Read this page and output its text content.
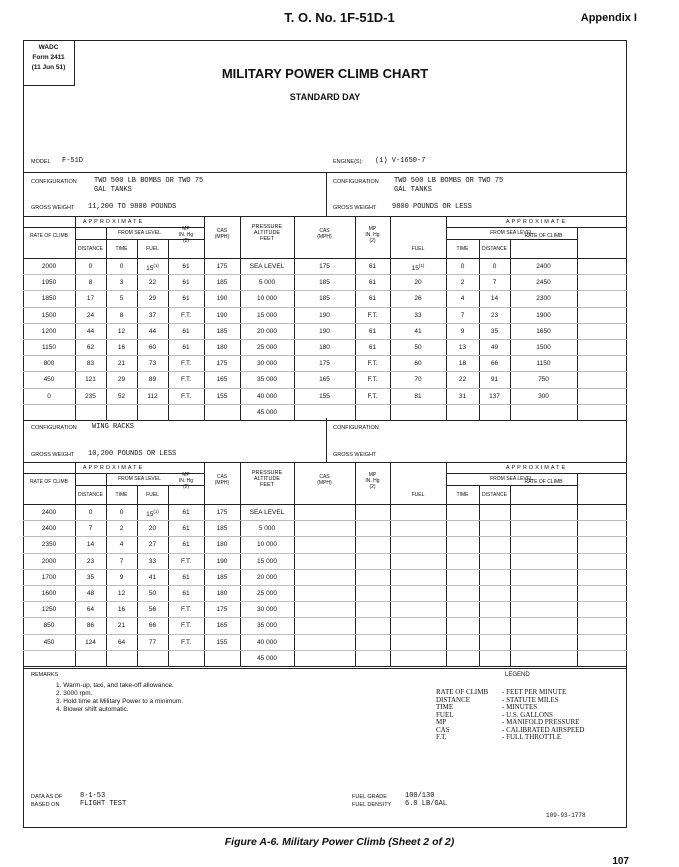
T. O. No. 1F-51D-1	Appendix I
WADC
Form 2411
(11 Jun 51)	MILITARY POWER CLIMB CHART
STANDARD DAY
MODEL F-51D	ENGINE(S): (1) V-1650-7
CONFIGURATION TWO 500 LB BOMBS OR TWO 75 GAL TANKS
GROSS WEIGHT 11,200 TO 9800 POUNDS
CONFIGURATION TWO 500 LB BOMBS OR TWO 75 GAL TANKS
GROSS WEIGHT 9800 POUNDS OR LESS
APPROXIMATE	APPROXIMATE
FROM SEA LEVEL	FROM SEA LEVEL
RATE OF CLIMB
DISTANCE	TIME	FUEL
MP
IN. Hg
(2)
CAS
(MPH)
PRESSURE ALTITUDE
FEET
CAS
(MPH)
MP
IN. Hg
(2)
FUEL	TIME	DISTANCE
RATE OF CLIMB
2000	0	0	15$^{(1)}$	61	175	SEA LEVEL	175	61	15$^{(1)}$	0	0	2400
1950	8	3	22	61	185	5 000	185	61	20	2	7	2450
1850	17	5	29	61	190	10 000	185	61	26	4	14	2300
1500	24	8	37	F.T.	190	15 000	190	F.T.	33	7	23	1900
1200	44	12	44	61	185	20 000	190	61	41	9	35	1650
1150	62	16	60	61	180	25 000	180	61	50	13	49	1500
800	83	21	73	F.T.	175	30 000	175	F.T.	60	18	66	1150
450	121	29	89	F.T.	165	35 000	165	F.T.	70	22	91	750
0	235	52	112	F.T.	155	40 000	155	F.T.	81	31	137	300
45 000
CONFIGURATION WING RACKS
GROSS WEIGHT 10,200 POUNDS OR LESS
CONFIGURATION
GROSS WEIGHT
APPROXIMATE	APPROXIMATE
FROM SEA LEVEL	FROM SEA LEVEL
RATE OF CLIMB
DISTANCE	TIME	FUEL
MP
IN. Hg
(2)
CAS
(MPH)
PRESSURE ALTITUDE
FEET
CAS
(MPH)
MP
IN. Hg
(2)
FUEL	TIME	DISTANCE
RATE OF CLIMB
2400	0	0	15$^{(1)}$	61	175	SEA LEVEL
2400	7	2	20	61	185	5 000
2350	14	4	27	61	180	10 000
2000	23	7	33	F.T.	190	15 000
1700	35	9	41	61	185	20 000
1600	48	12	50	61	180	25 000
1250	64	16	56	F.T.	175	30 000
850	86	21	66	F.T.	165	35 000
450	124	64	77	F.T.	155	40 000
45 000
REMARKS
1. Warm-up, taxi, and take-off allowance.
2. 3000 rpm.
3. Hold time at Military Power to a minimum.
4. Blower shift automatic.
LEGEND
RATE OF CLIMB - FEET PER MINUTE
DISTANCE	- STATUTE MILES
TIME	- MINUTES
FUEL	- U.S. GALLONS
MP	- MANIFOLD PRESSURE
CAS	- CALIBRATED AIRSPEED
F.T.	- FULL THROTTLE
DATA AS OF	8-1-53
BASED ON	FLIGHT TEST
FUEL GRADE	100/130
FUEL DENSITY 6.0 LB/GAL
109-93-1778
Figure A-6. Military Power Climb (Sheet 2 of 2)
107
